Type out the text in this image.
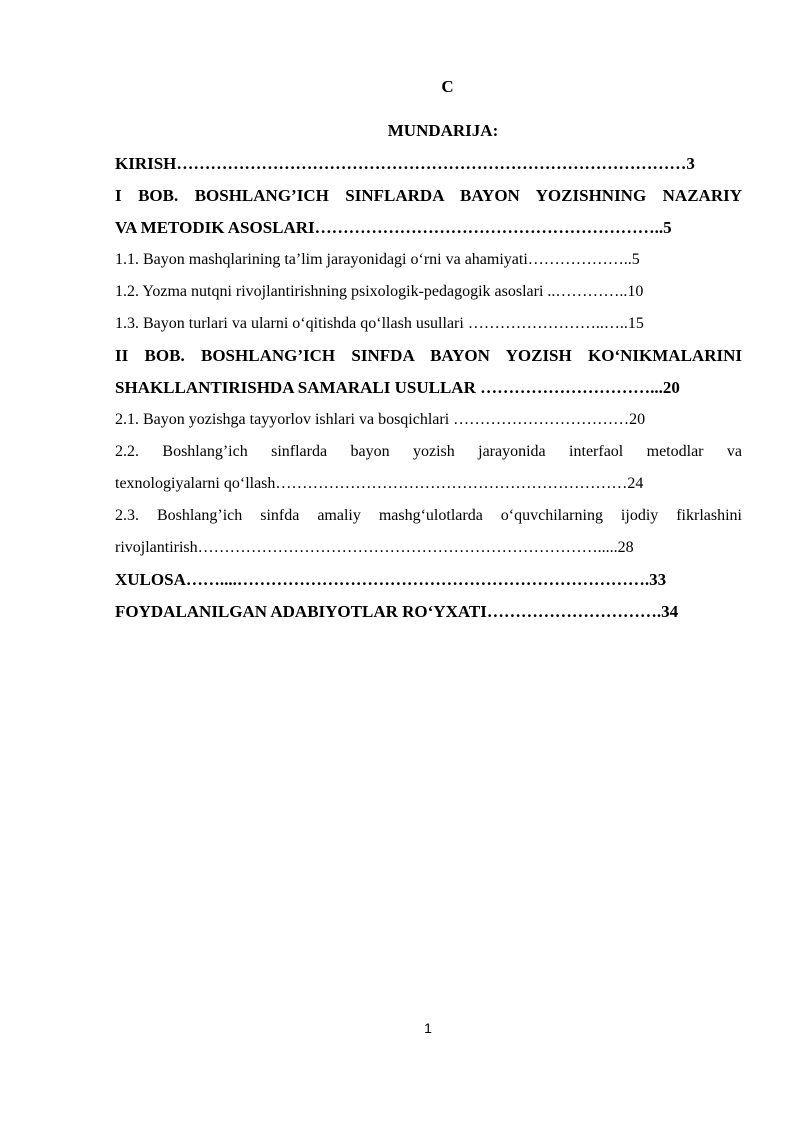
C
MUNDARIJA:
KIRISH………………………………………………………………………………3
I BOB. BOSHLANG’ICH SINFLARDA BAYON YOZISHNING NAZARIY
VA METODIK ASOSLARI……………………………………………………..5
1.1. Bayon mashqlarining ta’lim jarayonidagi o‘rni va ahamiyati………………..5
1.2. Yozma nutqni rivojlantirishning psixologik-pedagogik asoslari ..…………..10
1.3. Bayon turlari va ularni o‘qitishda qo‘llash usullari ……………………..…..15
II BOB. BOSHLANG’ICH SINFDA BAYON YOZISH KO‘NIKMALARINI
SHAKLLANTIRISHDA SAMARALI USULLAR …………………………...20
2.1. Bayon yozishga tayyorlov ishlari va bosqichlari ……………………………20
2.2. Boshlang’ich sinflarda bayon yozish jarayonida interfaol metodlar va
texnologiyalarni qo‘llash…………………………………………………………24
2.3. Boshlang’ich sinfda amaliy mashg‘ulotlarda o‘quvchilarning ijodiy fikrlashini
rivojlantirish………………………………………………………………….....28
XULOSA……....……………………………………………………………….33
FOYDALANILGAN ADABIYOTLAR RO‘YXATI………………………….34
1
